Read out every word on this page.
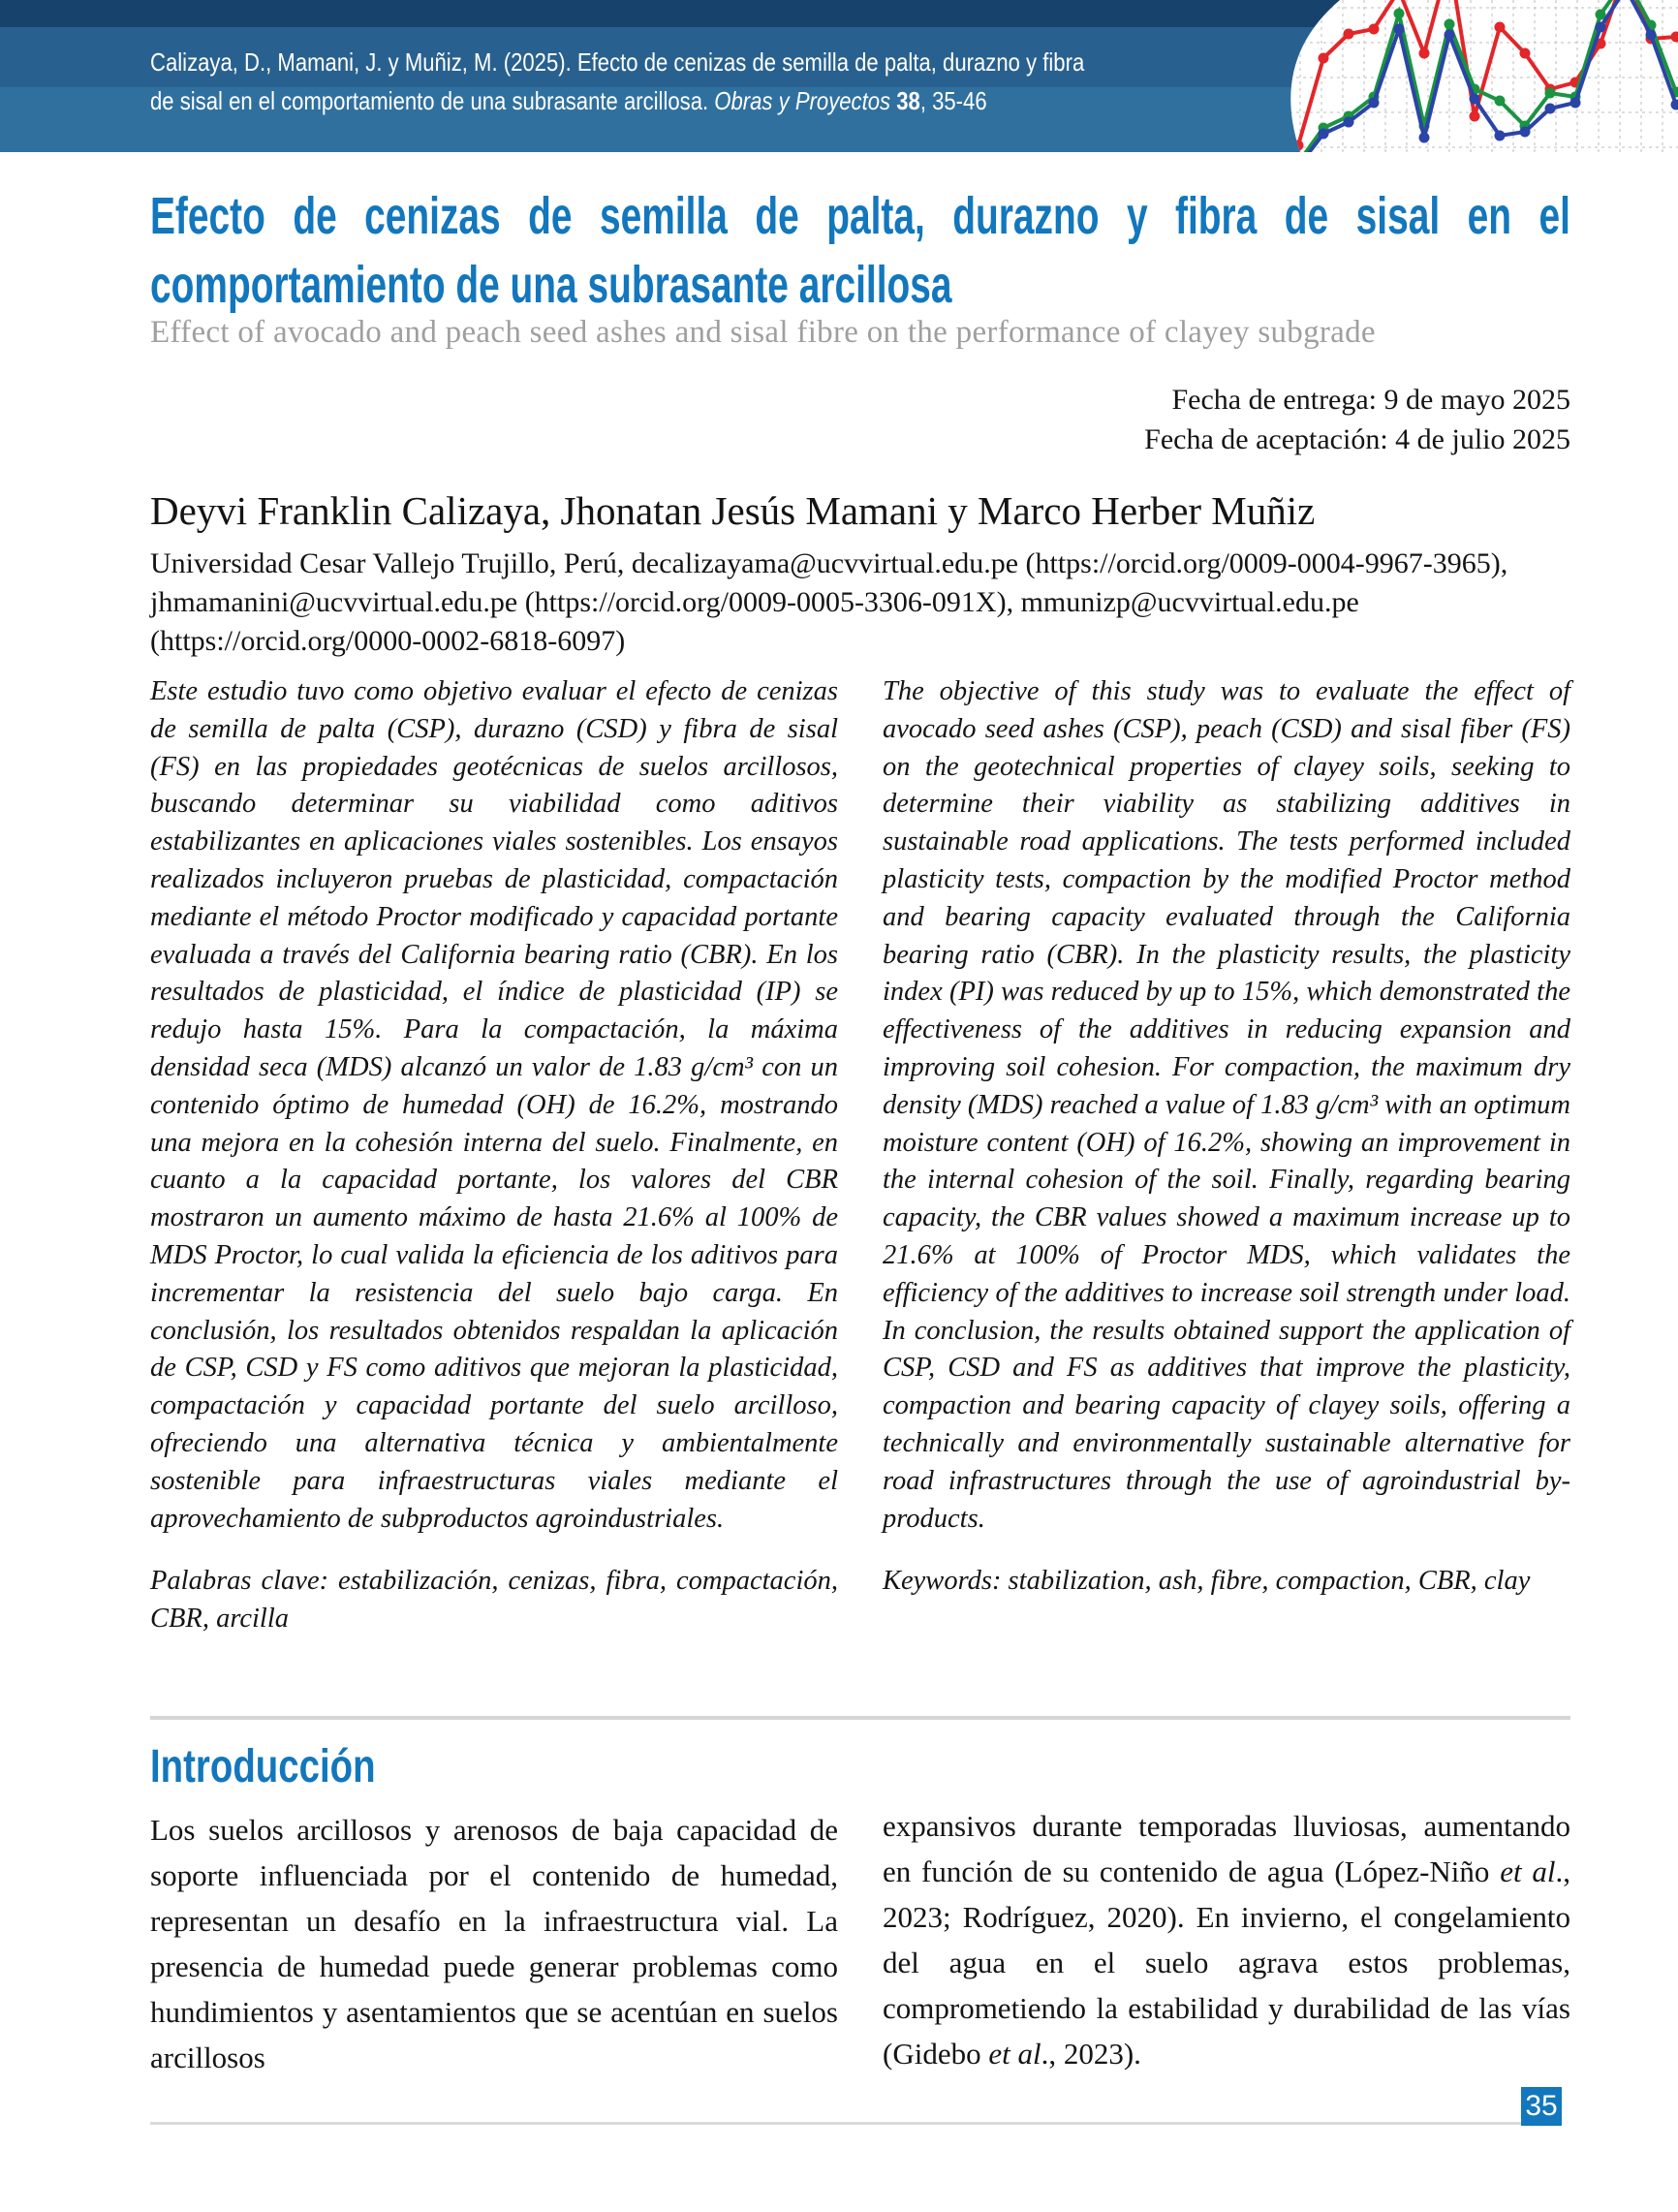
Calizaya, D., Mamani, J. y Muñiz, M. (2025). Efecto de cenizas de semilla de palta, durazno y fibra
de sisal en el comportamiento de una subrasante arcillosa. Obras y Proyectos 38, 35-46
Efecto de cenizas de semilla de palta, durazno y fibra de sisal en el comportamiento de una subrasante arcillosa
Effect of avocado and peach seed ashes and sisal fibre on the performance of clayey subgrade
Fecha de entrega: 9 de mayo 2025
Fecha de aceptación: 4 de julio 2025
Deyvi Franklin Calizaya, Jhonatan Jesús Mamani y Marco Herber Muñiz
Universidad Cesar Vallejo Trujillo, Perú, decalizayama@ucvvirtual.edu.pe (https://orcid.org/0009-0004-9967-3965), jhmamanini@ucvvirtual.edu.pe (https://orcid.org/0009-0005-3306-091X), mmunizp@ucvvirtual.edu.pe (https://orcid.org/0000-0002-6818-6097)

Este estudio tuvo como objetivo evaluar el efecto de cenizas de semilla de palta (CSP), durazno (CSD) y fibra de sisal (FS) en las propiedades geotécnicas de suelos arcillosos, buscando determinar su viabilidad como aditivos estabilizantes en aplicaciones viales sostenibles. Los ensayos realizados incluyeron pruebas de plasticidad, compactación mediante el método Proctor modificado y capacidad portante evaluada a través del California bearing ratio (CBR). En los resultados de plasticidad, el índice de plasticidad (IP) se redujo hasta 15%. Para la compactación, la máxima densidad seca (MDS) alcanzó un valor de 1.83 g/cm³ con un contenido óptimo de humedad (OH) de 16.2%, mostrando una mejora en la cohesión interna del suelo. Finalmente, en cuanto a la capacidad portante, los valores del CBR mostraron un aumento máximo de hasta 21.6% al 100% de MDS Proctor, lo cual valida la eficiencia de los aditivos para incrementar la resistencia del suelo bajo carga. En conclusión, los resultados obtenidos respaldan la aplicación de CSP, CSD y FS como aditivos que mejoran la plasticidad, compactación y capacidad portante del suelo arcilloso, ofreciendo una alternativa técnica y ambientalmente sostenible para infraestructuras viales mediante el aprovechamiento de subproductos agroindustriales.

Palabras clave: estabilización, cenizas, fibra, compactación, CBR, arcilla

The objective of this study was to evaluate the effect of avocado seed ashes (CSP), peach (CSD) and sisal fiber (FS) on the geotechnical properties of clayey soils, seeking to determine their viability as stabilizing additives in sustainable road applications. The tests performed included plasticity tests, compaction by the modified Proctor method and bearing capacity evaluated through the California bearing ratio (CBR). In the plasticity results, the plasticity index (PI) was reduced by up to 15%, which demonstrated the effectiveness of the additives in reducing expansion and improving soil cohesion. For compaction, the maximum dry density (MDS) reached a value of 1.83 g/cm³ with an optimum moisture content (OH) of 16.2%, showing an improvement in the internal cohesion of the soil. Finally, regarding bearing capacity, the CBR values showed a maximum increase up to 21.6% at 100% of Proctor MDS, which validates the efficiency of the additives to increase soil strength under load. In conclusion, the results obtained support the application of CSP, CSD and FS as additives that improve the plasticity, compaction and bearing capacity of clayey soils, offering a technically and environmentally sustainable alternative for road infrastructures through the use of agroindustrial by-products.

Keywords: stabilization, ash, fibre, compaction, CBR, clay

Introducción

Los suelos arcillosos y arenosos de baja capacidad de soporte influenciada por el contenido de humedad, representan un desafío en la infraestructura vial. La presencia de humedad puede generar problemas como hundimientos y asentamientos que se acentúan en suelos arcillosos

expansivos durante temporadas lluviosas, aumentando en función de su contenido de agua (López-Niño et al., 2023; Rodríguez, 2020). En invierno, el congelamiento del agua en el suelo agrava estos problemas, comprometiendo la estabilidad y durabilidad de las vías (Gidebo et al., 2023).

35
